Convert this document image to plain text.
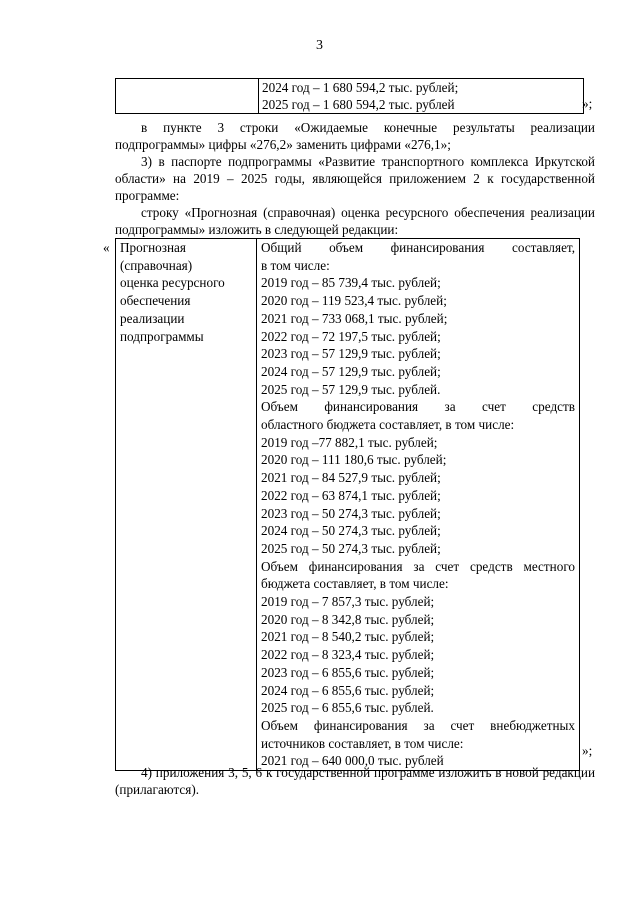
3

2024 год – 1 680 594,2 тыс. рублей;
2025 год – 1 680 594,2 тыс. рублей	»;
в пункте 3 строки «Ожидаемые конечные результаты реализации подпрограммы» цифры «276,2» заменить цифрами «276,1»;
3) в паспорте подпрограммы «Развитие транспортного комплекса Иркутской области» на 2019 – 2025 годы, являющейся приложением 2 к государственной программе:
строку «Прогнозная (справочная) оценка ресурсного обеспечения реализации подпрограммы» изложить в следующей редакции:
« Прогнозная
(справочная)
оценка ресурсного
обеспечения
реализации
подпрограммы

Общий объем финансирования составляет,
в том числе:
2019 год – 85 739,4 тыс. рублей;
2020 год – 119 523,4 тыс. рублей;
2021 год – 733 068,1 тыс. рублей;
2022 год – 72 197,5 тыс. рублей;
2023 год – 57 129,9 тыс. рублей;
2024 год – 57 129,9 тыс. рублей;
2025 год – 57 129,9 тыс. рублей.
Объем финансирования за счет средств
областного бюджета составляет, в том числе:
2019 год –77 882,1 тыс. рублей;
2020 год – 111 180,6 тыс. рублей;
2021 год – 84 527,9 тыс. рублей;
2022 год – 63 874,1 тыс. рублей;
2023 год – 50 274,3 тыс. рублей;
2024 год – 50 274,3 тыс. рублей;
2025 год – 50 274,3 тыс. рублей;
Объем финансирования за счет средств местного
бюджета составляет, в том числе:
2019 год – 7 857,3 тыс. рублей;
2020 год – 8 342,8 тыс. рублей;
2021 год – 8 540,2 тыс. рублей;
2022 год – 8 323,4 тыс. рублей;
2023 год – 6 855,6 тыс. рублей;
2024 год – 6 855,6 тыс. рублей;
2025 год – 6 855,6 тыс. рублей.
Объем финансирования за счет внебюджетных
источников составляет, в том числе:
2021 год – 640 000,0 тыс. рублей
»;
4) приложения 3, 5, 6 к государственной программе изложить в новой редакции (прилагаются).
